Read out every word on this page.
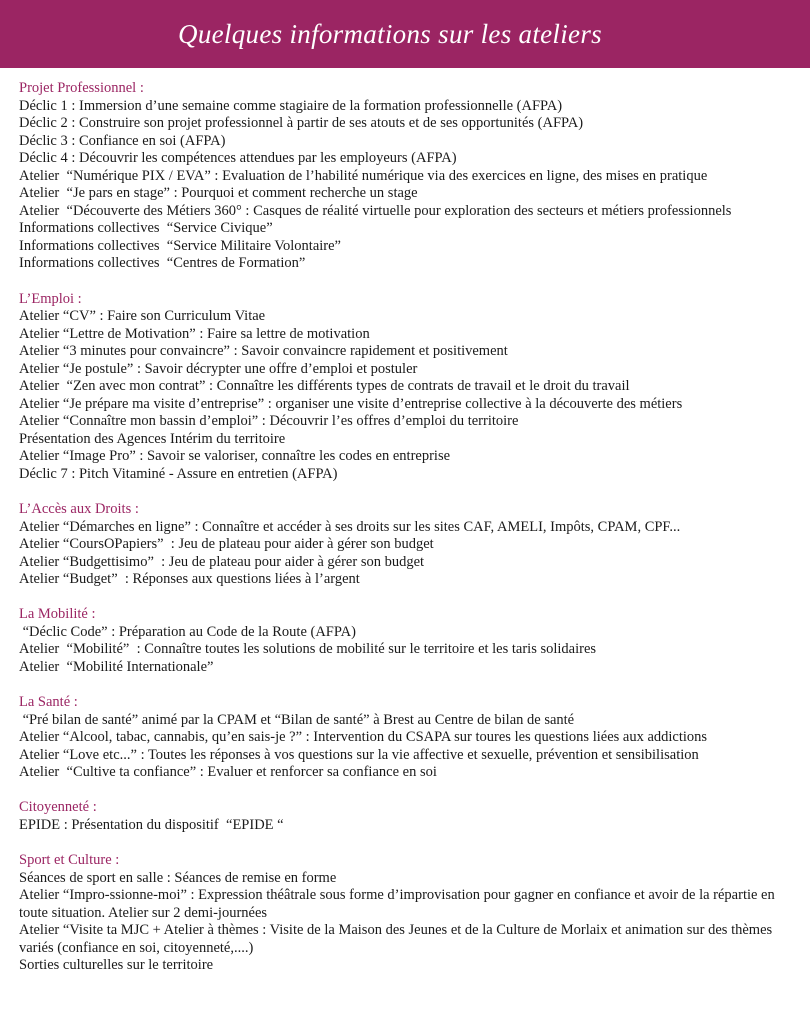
Quelques informations sur les ateliers
Projet Professionnel :
Déclic 1 : Immersion d’une semaine comme stagiaire de la formation professionnelle (AFPA)
Déclic 2 : Construire son projet professionnel à partir de ses atouts et de ses opportunités (AFPA)
Déclic 3 : Confiance en soi (AFPA)
Déclic 4 : Découvrir les compétences attendues par les employeurs (AFPA)
Atelier  “Numérique PIX / EVA” : Evaluation de l’habilité numérique via des exercices en ligne, des mises en pratique
Atelier  “Je pars en stage” : Pourquoi et comment recherche un stage
Atelier  “Découverte des Métiers 360° : Casques de réalité virtuelle pour exploration des secteurs et métiers professionnels
Informations collectives  “Service Civique”
Informations collectives  “Service Militaire Volontaire”
Informations collectives  “Centres de Formation”
L’Emploi :
Atelier “CV” : Faire son Curriculum Vitae
Atelier “Lettre de Motivation” : Faire sa lettre de motivation
Atelier “3 minutes pour convaincre” : Savoir convaincre rapidement et positivement
Atelier “Je postule” : Savoir décrypter une offre d’emploi et postuler
Atelier  “Zen avec mon contrat” : Connaître les différents types de contrats de travail et le droit du travail
Atelier “Je prépare ma visite d’entreprise” : organiser une visite d’entreprise collective à la découverte des métiers
Atelier “Connaître mon bassin d’emploi” : Découvrir l’es offres d’emploi du territoire
Présentation des Agences Intérim du territoire
Atelier “Image Pro” : Savoir se valoriser, connaître les codes en entreprise
Déclic 7 : Pitch Vitaminé - Assure en entretien (AFPA)
L’Accès aux Droits :
Atelier “Démarches en ligne” : Connaître et accéder à ses droits sur les sites CAF, AMELI, Impôts, CPAM, CPF...
Atelier “CoursOPapiers”  : Jeu de plateau pour aider à gérer son budget
Atelier “Budgettisimo”  : Jeu de plateau pour aider à gérer son budget
Atelier “Budget”  : Réponses aux questions liées à l’argent
La Mobilité :
“Déclic Code” : Préparation au Code de la Route (AFPA)
Atelier  “Mobilité”  : Connaître toutes les solutions de mobilité sur le territoire et les taris solidaires
Atelier  “Mobilité Internationale”
La Santé :
“Pré bilan de santé” animé par la CPAM et “Bilan de santé” à Brest au Centre de bilan de santé
Atelier “Alcool, tabac, cannabis, qu’en sais-je ?” : Intervention du CSAPA sur toures les questions liées aux addictions
Atelier “Love etc...” : Toutes les réponses à vos questions sur la vie affective et sexuelle, prévention et sensibilisation
Atelier  “Cultive ta confiance” : Evaluer et renforcer sa confiance en soi
Citoyenneté :
EPIDE : Présentation du dispositif  “EPIDE “
Sport et Culture :
Séances de sport en salle : Séances de remise en forme
Atelier “Impro-ssionne-moi” : Expression théâtrale sous forme d’improvisation pour gagner en confiance et avoir de la répartie en toute situation. Atelier sur 2 demi-journées
Atelier “Visite ta MJC + Atelier à thèmes : Visite de la Maison des Jeunes et de la Culture de Morlaix et animation sur des thèmes variés (confiance en soi, citoyenneté,....)
Sorties culturelles sur le territoire
